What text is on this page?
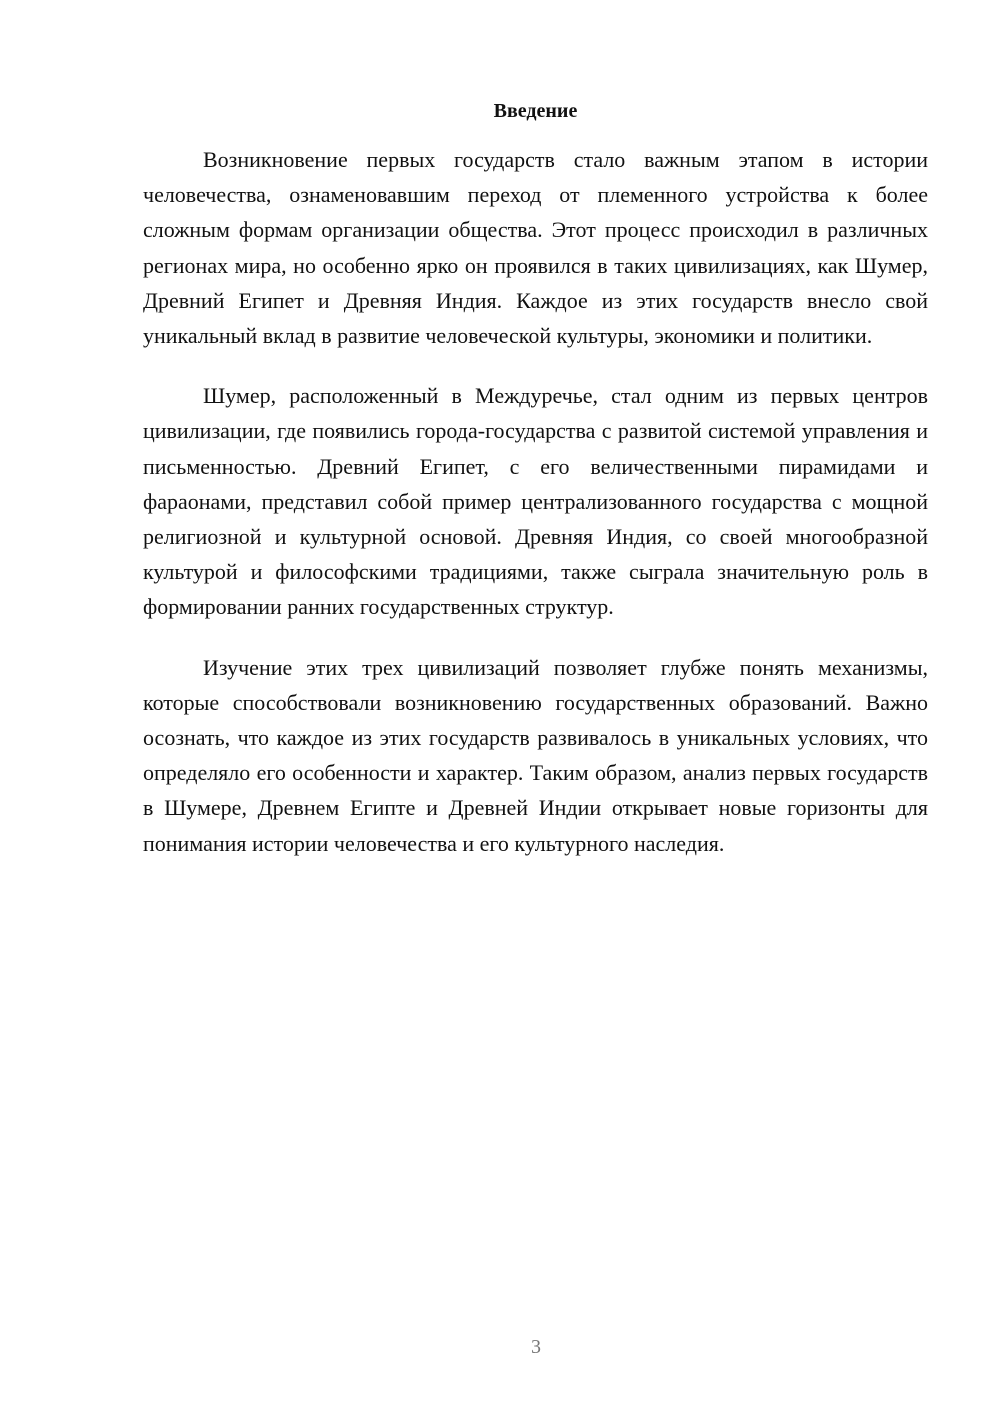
Введение

Возникновение первых государств стало важным этапом в истории человечества, ознаменовавшим переход от племенного устройства к более сложным формам организации общества. Этот процесс происходил в различных регионах мира, но особенно ярко он проявился в таких цивилизациях, как Шумер, Древний Египет и Древняя Индия. Каждое из этих государств внесло свой уникальный вклад в развитие человеческой культуры, экономики и политики.

Шумер, расположенный в Междуречье, стал одним из первых центров цивилизации, где появились города-государства с развитой системой управления и письменностью. Древний Египет, с его величественными пирамидами и фараонами, представил собой пример централизованного государства с мощной религиозной и культурной основой. Древняя Индия, со своей многообразной культурой и философскими традициями, также сыграла значительную роль в формировании ранних государственных структур.

Изучение этих трех цивилизаций позволяет глубже понять механизмы, которые способствовали возникновению государственных образований. Важно осознать, что каждое из этих государств развивалось в уникальных условиях, что определяло его особенности и характер. Таким образом, анализ первых государств в Шумере, Древнем Египте и Древней Индии открывает новые горизонты для понимания истории человечества и его культурного наследия.

3
